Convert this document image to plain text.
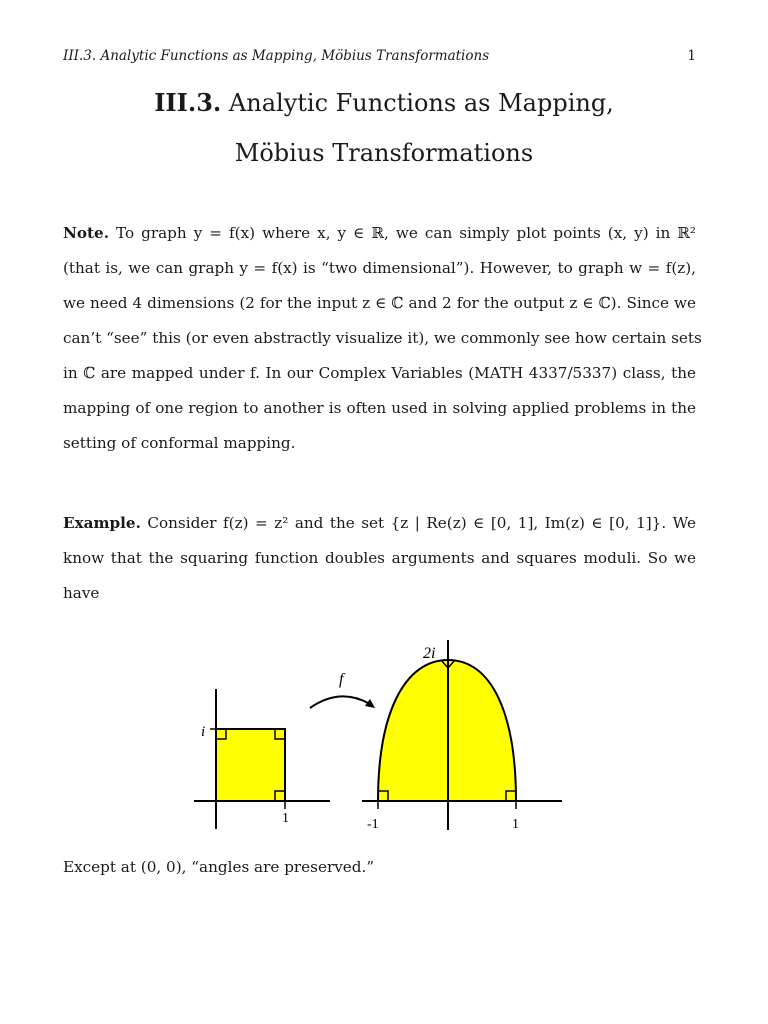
III.3. Analytic Functions as Mapping, Möbius Transformations	1
III.3. Analytic Functions as Mapping,
Möbius Transformations
Note. To graph y = f(x) where x, y ∈ ℝ, we can simply plot points (x, y) in ℝ²
(that is, we can graph y = f(x) is “two dimensional”). However, to graph w = f(z),
we need 4 dimensions (2 for the input z ∈ ℂ and 2 for the output z ∈ ℂ). Since we
can’t “see” this (or even abstractly visualize it), we commonly see how certain sets
in ℂ are mapped under f. In our Complex Variables (MATH 4337/5337) class, the
mapping of one region to another is often used in solving applied problems in the
setting of conformal mapping.
Example. Consider f(z) = z² and the set {z | Re(z) ∈ [0, 1], Im(z) ∈ [0, 1]}. We
know that the squaring function doubles arguments and squares moduli. So we
have
i
1
f
2i
-1	1
Except at (0, 0), “angles are preserved.”
